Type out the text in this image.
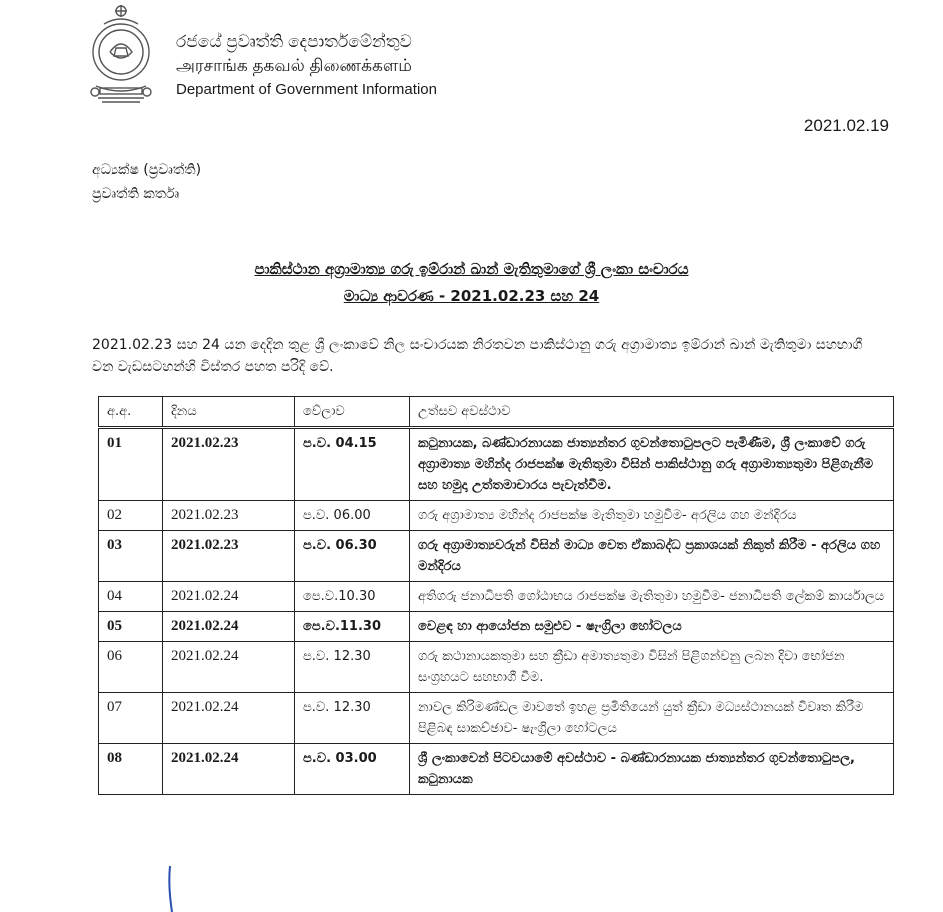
රජයේ ප්‍රවෘත්ති දෙපාර්තමේන්තුව
அரசாங்க தகவல் திணைக்களம்
Department of Government Information
2021.02.19
අධ්‍යක්ෂ (ප්‍රවෘත්ති)
ප්‍රවෘත්ති කර්තෘ
පාකිස්ථාන අග්‍රාමාත්‍ය ගරු ඉම්රාන් ඛාන් මැතිතුමාගේ ශ්‍රී ලංකා සංචාරය
මාධ්‍ය ආවරණ - 2021.02.23 සහ 24
2021.02.23 සහ 24 යන දෙදින තුළ ශ්‍රී ලංකාවේ නිල සංචාරයක නිරතවන පාකිස්ථානු ගරු අග්‍රාමාත්‍ය ඉම්රාන් ඛාන් මැතිතුමා සහභාගී වන වැඩසටහන්හි විස්තර පහත පරිදි වේ.
අ.අ.	දිනය	වේලාව	උත්සව අවස්ථාව
01	2021.02.23	ප.ව. 04.15	කටුනායක, බණ්ඩාරනායක ජාත්‍යන්තර ගුවන්තොටුපලට පැමිණීම, ශ්‍රී ලංකාවේ ගරු අග්‍රාමාත්‍ය මහින්ද රාජපක්ෂ මැතිතුමා විසින් පාකිස්ථානු ගරු අග්‍රාමාත්‍යතුමා පිළිගැනීම සහ හමුදා උත්තමාචාරය පැවැත්වීම.
02	2021.02.23	ප.ව. 06.00	ගරු අග්‍රාමාත්‍ය මහින්ද රාජපක්ෂ මැතිතුමා හමුවීම- අරලිය ගහ මන්දිරය
03	2021.02.23	ප.ව. 06.30	ගරු අග්‍රාමාත්‍යවරුන් විසින් මාධ්‍ය වෙත ඒකාබද්ධ ප්‍රකාශයක් නිකුත් කිරීම - අරලිය ගහ මන්දිරය
04	2021.02.24	පෙ.ව.10.30	අතිගරු ජනාධිපති ගෝඨාභය රාජපක්ෂ මැතිතුමා හමුවීම- ජනාධිපති ලේකම් කාර්යාලය
05	2021.02.24	පෙ.ව.11.30	වෙළඳ හා ආයෝජන සමුළුව - ෂැංග්‍රිලා හෝටලය
06	2021.02.24	ප.ව. 12.30	ගරු කථානායකතුමා සහ ක්‍රීඩා අමාත්‍යතුමා විසින් පිළිගන්වනු ලබන දිවා භෝජන සංග්‍රහයට සහභාගී වීම.
07	2021.02.24	ප.ව. 12.30	නාවල කිරිමණ්ඩල මාවතේ ඉහළ ප්‍රමිතියෙන් යුත් ක්‍රීඩා මධ්‍යස්ථානයක් විවෘත කිරීම පිළිබඳ සාකච්ඡාව- ෂැංග්‍රිලා හෝටලය
08	2021.02.24	ප.ව. 03.00	ශ්‍රී ලංකාවෙන් පිටවයාමේ අවස්ථාව - බණ්ඩාරනායක ජාත්‍යන්තර ගුවන්තොටුපල, කටුනායක
